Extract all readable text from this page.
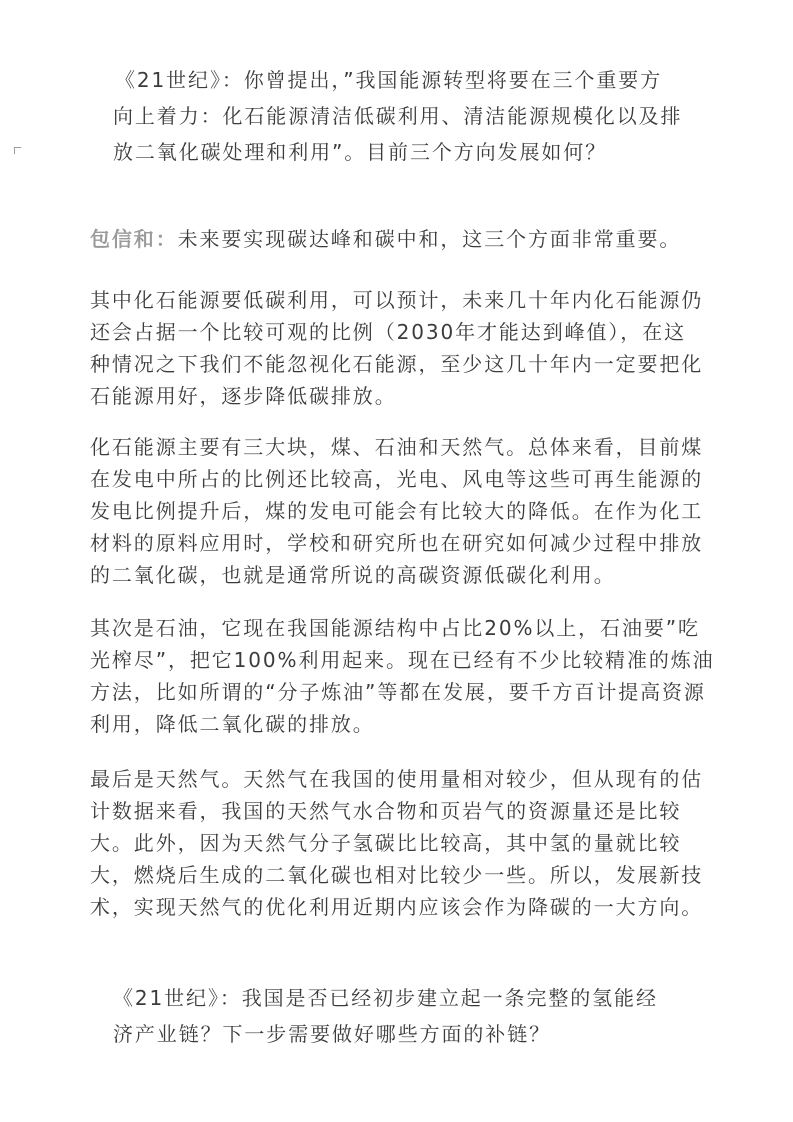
《21世纪》：你曾提出，”我国能源转型将要在三个重要方
向上着力：化石能源清洁低碳利用、清洁能源规模化以及排
放二氧化碳处理和利用”。目前三个方向发展如何？
包信和：未来要实现碳达峰和碳中和，这三个方面非常重要。
其中化石能源要低碳利用，可以预计，未来几十年内化石能源仍
还会占据一个比较可观的比例（2030年才能达到峰值），在这
种情况之下我们不能忽视化石能源，至少这几十年内一定要把化
石能源用好，逐步降低碳排放。
化石能源主要有三大块，煤、石油和天然气。总体来看，目前煤
在发电中所占的比例还比较高，光电、风电等这些可再生能源的
发电比例提升后，煤的发电可能会有比较大的降低。在作为化工
材料的原料应用时，学校和研究所也在研究如何减少过程中排放
的二氧化碳，也就是通常所说的高碳资源低碳化利用。
其次是石油，它现在我国能源结构中占比20%以上，石油要”吃
光榨尽”，把它100%利用起来。现在已经有不少比较精准的炼油
方法，比如所谓的“分子炼油”等都在发展，要千方百计提高资源
利用，降低二氧化碳的排放。
最后是天然气。天然气在我国的使用量相对较少，但从现有的估
计数据来看，我国的天然气水合物和页岩气的资源量还是比较
大。此外，因为天然气分子氢碳比比较高，其中氢的量就比较
大，燃烧后生成的二氧化碳也相对比较少一些。所以，发展新技
术，实现天然气的优化利用近期内应该会作为降碳的一大方向。
《21世纪》：我国是否已经初步建立起一条完整的氢能经
济产业链？下一步需要做好哪些方面的补链？
